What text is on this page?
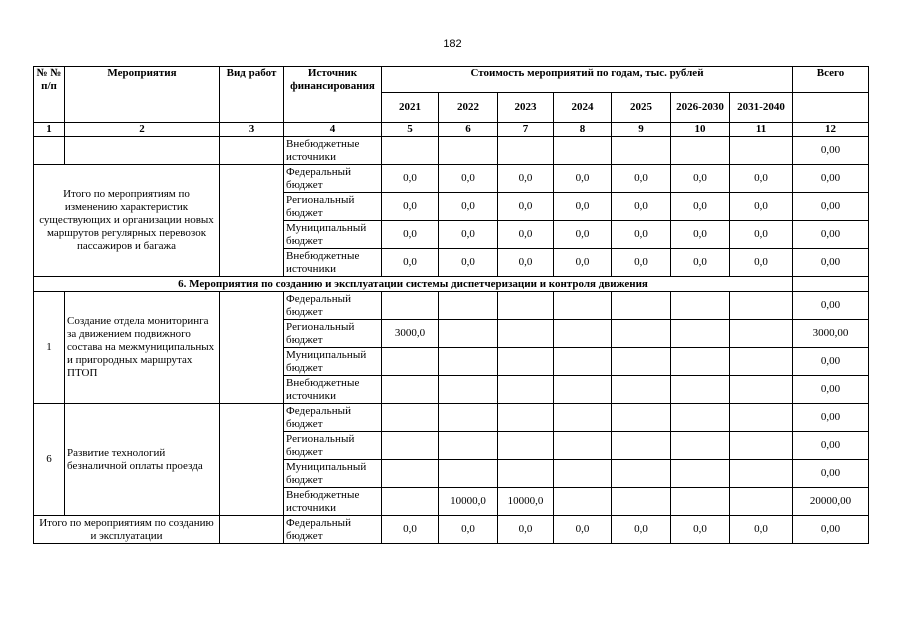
182
№ № п/п	Мероприятия	Вид работ	Источник финансирования	Стоимость мероприятий по годам, тыс. рублей							Всего
				2021	2022	2023	2024	2025	2026-2030	2031-2040	
1	2	3	4	5	6	7	8	9	10	11	12
			Внебюджетные источники								0,00
Итого по мероприятиям по изменению характеристик существующих и организации новых маршрутов регулярных перевозок пассажиров и багажа			Федеральный бюджет	0,0	0,0	0,0	0,0	0,0	0,0	0,0	0,00
			Региональный бюджет	0,0	0,0	0,0	0,0	0,0	0,0	0,0	0,00
			Муниципальный бюджет	0,0	0,0	0,0	0,0	0,0	0,0	0,0	0,00
			Внебюджетные источники	0,0	0,0	0,0	0,0	0,0	0,0	0,0	0,00
6. Мероприятия по созданию и эксплуатации системы диспетчеризации и контроля движения											
1	Создание отдела мониторинга за движением подвижного состава на межмуниципальных и пригородных маршрутах ПТОП		Федеральный бюджет								0,00
			Региональный бюджет	3000,0							3000,00
			Муниципальный бюджет								0,00
			Внебюджетные источники								0,00
6	Развитие технологий безналичной оплаты проезда		Федеральный бюджет								0,00
			Региональный бюджет								0,00
			Муниципальный бюджет								0,00
			Внебюджетные источники		10000,0	10000,0					20000,00
Итого по мероприятиям по созданию и эксплуатации			Федеральный бюджет	0,0	0,0	0,0	0,0	0,0	0,0	0,0	0,00
